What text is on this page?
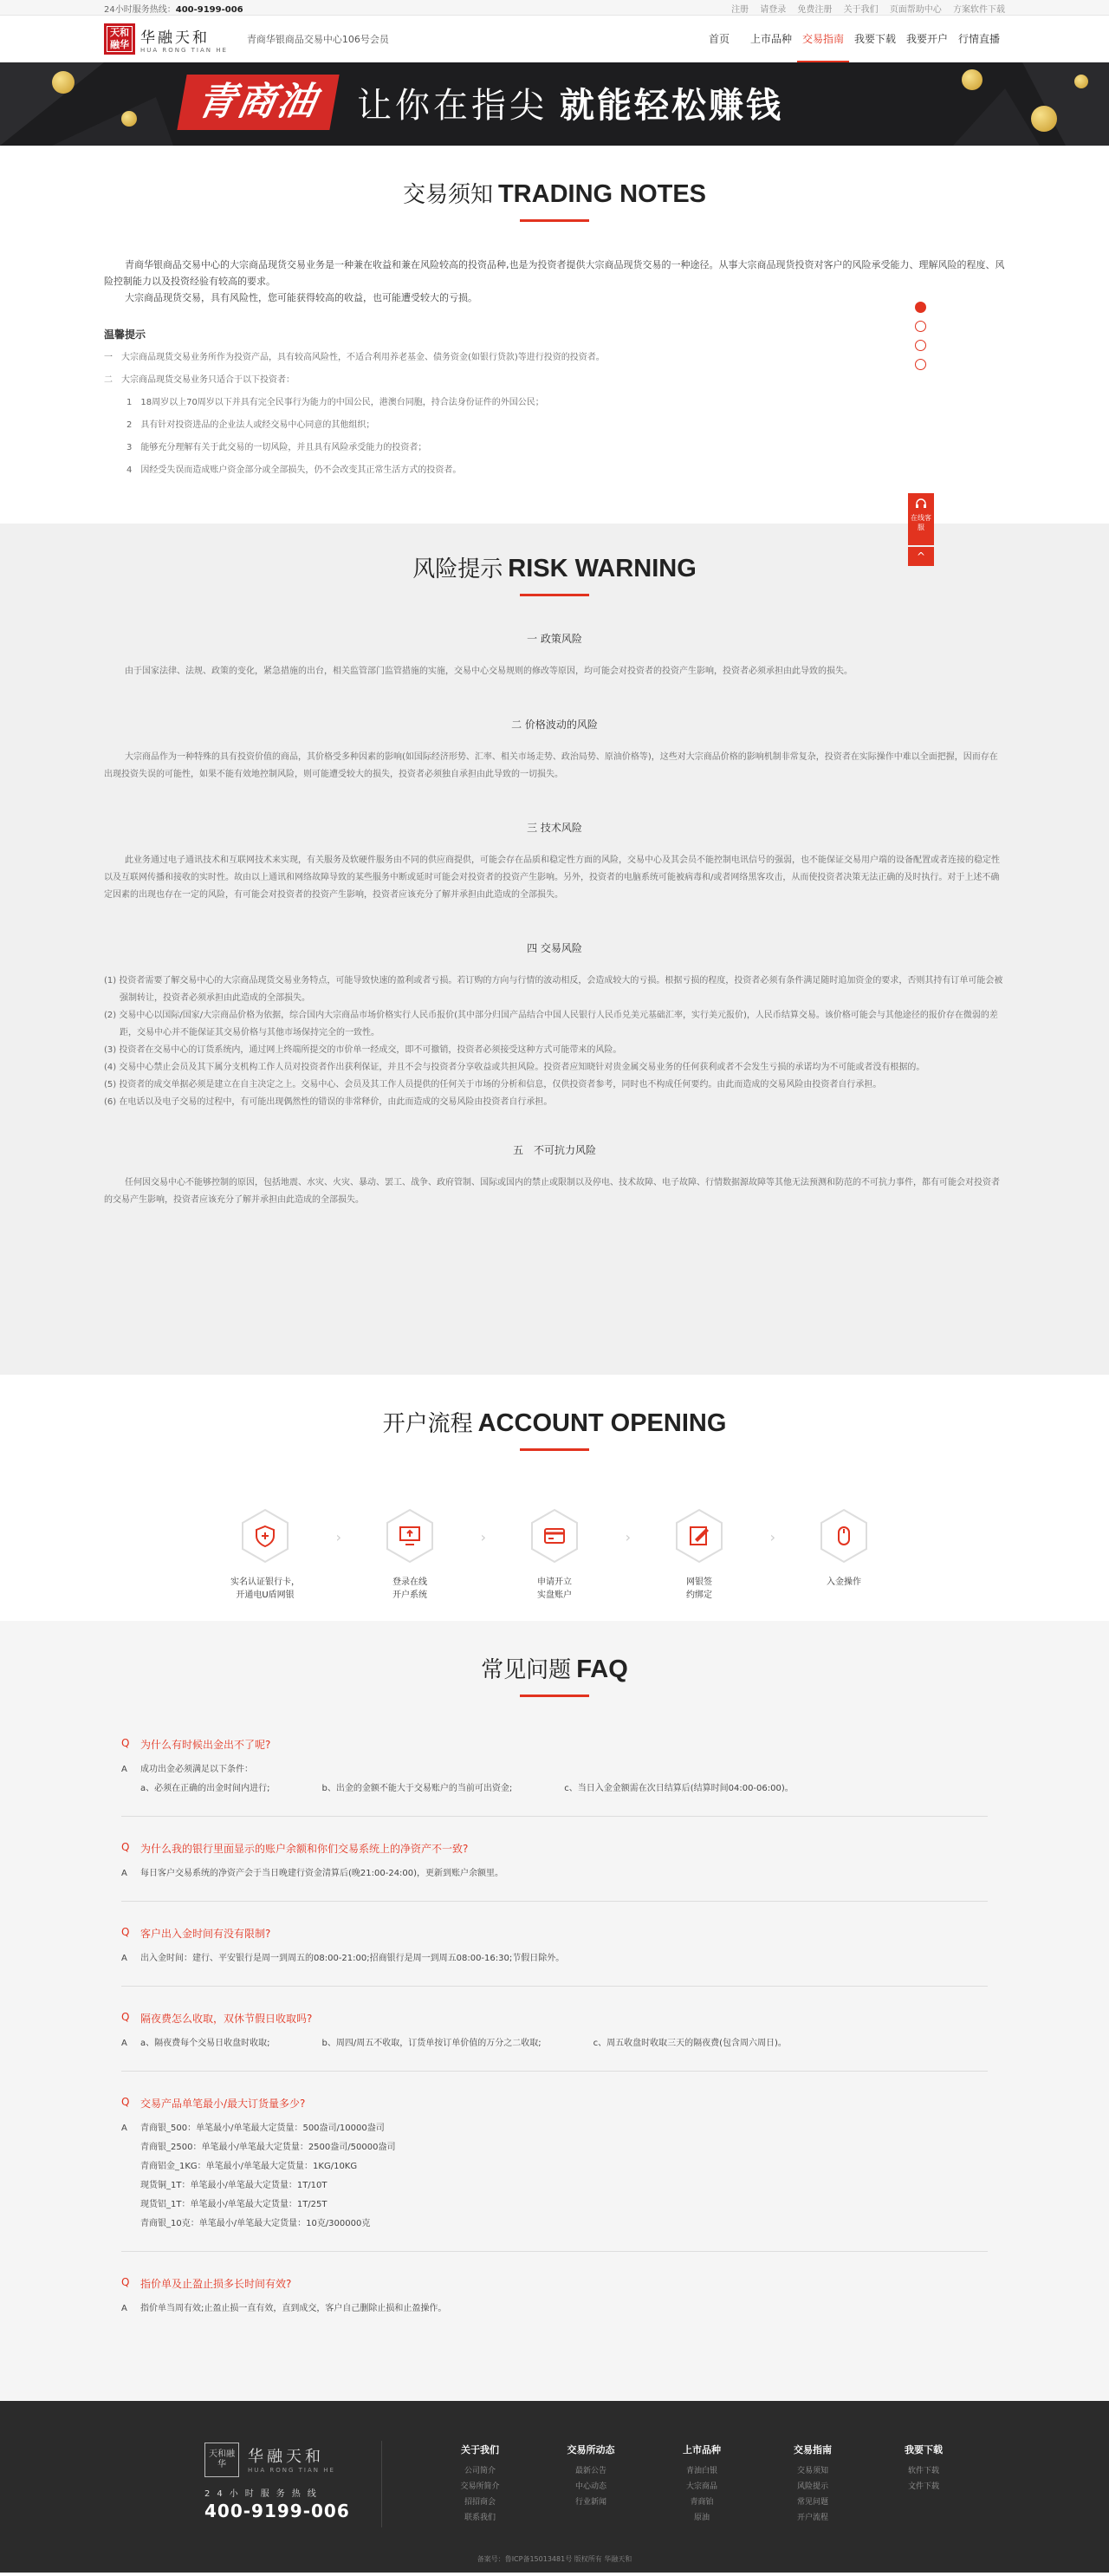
24小时服务热线：400-9199-006	注册 请登录 免费注册 关于我们 页面帮助中心 方案软件下载
天和融华 华融天和
HUA RONG TIAN HE
青商华银商品交易中心106号会员	首页	上市品种 交易指南 我要下载 我要开户 行情直播
青商油	让你在指尖 就能轻松赚钱
交易须知 TRADING NOTES

青商华银商品交易中心的大宗商品现货交易业务是一种兼在收益和兼在风险较高的投资品种,也是为投资者提供大宗商品现货交易的一种途径。从事大宗商品现货投资对客户的风险承受能力、理解风险的程度、风险控制能力以及投资经验有较高的要求。

大宗商品现货交易，具有风险性，您可能获得较高的收益，也可能遭受较大的亏损。

温馨提示
一　大宗商品现货交易业务所作为投资产品，具有较高风险性，不适合利用养老基金、债务资金(如银行贷款)等进行投资的投资者。
二　大宗商品现货交易业务只适合于以下投资者：
1　18周岁以上70周岁以下并具有完全民事行为能力的中国公民，港澳台同胞，持合法身份证件的外国公民；
2　具有针对投资进品的企业法人或经交易中心同意的其他组织；
3　能够充分理解有关于此交易的一切风险，并且具有风险承受能力的投资者；
4　因经受失误而造成账户资金部分或全部损失，仍不会改变其正常生活方式的投资者。
在线客服
^
风险提示 RISK WARNING
一 政策风险
由于国家法律、法规、政策的变化，紧急措施的出台，相关监管部门监管措施的实施，交易中心交易规则的修改等原因，均可能会对投资者的投资产生影响，投资者必须承担由此导致的损失。
二 价格波动的风险
大宗商品作为一种特殊的具有投资价值的商品，其价格受多种因素的影响(如国际经济形势、汇率、相关市场走势、政治局势、原油价格等)，这些对大宗商品价格的影响机制非常复杂，投资者在实际操作中难以全面把握，因而存在出现投资失误的可能性，如果不能有效地控制风险，则可能遭受较大的损失，投资者必须独自承担由此导致的一切损失。
三 技术风险
此业务通过电子通讯技术和互联网技术来实现，有关服务及软硬件服务由不同的供应商提供，可能会存在品质和稳定性方面的风险，交易中心及其会员不能控制电讯信号的强弱，也不能保证交易用户端的设备配置或者连接的稳定性以及互联网传播和接收的实时性。故由以上通讯和网络故障导致的某些服务中断或延时可能会对投资者的投资产生影响。另外，投资者的电脑系统可能被病毒和/或者网络黑客攻击，从而使投资者决策无法正确的及时执行。对于上述不确定因素的出现也存在一定的风险，有可能会对投资者的投资产生影响，投资者应该充分了解并承担由此造成的全部损失。
四 交易风险
(1) 投资者需要了解交易中心的大宗商品现货交易业务特点，可能导致快速的盈利或者亏损。若订购的方向与行情的波动相反，会造成较大的亏损。根据亏损的程度，投资者必须有条件满足随时追加资金的要求，否则其持有订单可能会被强制转让，投资者必须承担由此造成的全部损失。
(2) 交易中心以国际/国家/大宗商品价格为依据，综合国内大宗商品市场价格实行人民币报价(其中部分归国产品结合中国人民银行人民币兑美元基础汇率，实行美元报价)，人民币结算交易。该价格可能会与其他途径的报价存在微弱的差距，交易中心并不能保证其交易价格与其他市场保持完全的一致性。
(3) 投资者在交易中心的订货系统内，通过网上终端所提交的市价单一经成交，即不可撤销，投资者必须接受这种方式可能带来的风险。
(4) 交易中心禁止会员及其下属分支机构工作人员对投资者作出获利保证，并且不会与投资者分享收益或共担风险。投资者应知晓针对贵金属交易业务的任何获利或者不会发生亏损的承诺均为不可能或者没有根据的。
(5) 投资者的成交单据必须是建立在自主决定之上。交易中心、会员及其工作人员提供的任何关于市场的分析和信息，仅供投资者参考，同时也不构成任何要约。由此而造成的交易风险由投资者自行承担。
(6) 在电话以及电子交易的过程中，有可能出现偶然性的错误的非常释价，由此而造成的交易风险由投资者自行承担。
五　不可抗力风险
任何因交易中心不能够控制的原因，包括地震、水灾、火灾、暴动、罢工、战争、政府管制、国际或国内的禁止或限制以及停电、技术故障、电子故障、行情数据源故障等其他无法预测和防范的不可抗力事件，都有可能会对投资者的交易产生影响，投资者应该充分了解并承担由此造成的全部损失。
开户流程 ACCOUNT OPENING
实名认证银行卡，
开通电U盾网银
›
登录在线
开户系统
›
申请开立
实盘账户
›
网银签
约绑定
›
入金操作
常见问题 FAQ
Q	为什么有时候出金出不了呢?
A	成功出金必须满足以下条件：
a、必须在正确的出金时间内进行;	b、出金的金额不能大于交易账户的当前可出资金;	c、当日入金金额需在次日结算后(结算时间04:00-06:00)。
Q	为什么我的银行里面显示的账户余额和你们交易系统上的净资产不一致?
A	每日客户交易系统的净资产会于当日晚建行资金清算后(晚21:00-24:00)，更新到账户余额里。
Q	客户出入金时间有没有限制?
A	出入金时间：建行、平安银行是周一到周五的08:00-21:00;招商银行是周一到周五08:00-16:30;节假日除外。
Q	隔夜费怎么收取，双休节假日收取吗?
A	a、隔夜费每个交易日收盘时收取;	b、周四/周五不收取，订货单按订单价值的万分之二收取;	c、周五收盘时收取三天的隔夜费(包含周六周日)。
Q	交易产品单笔最小/最大订货量多少?
A	青商银_500：单笔最小/单笔最大定货量：500盎司/10000盎司
青商银_2500：单笔最小/单笔最大定货量：2500盎司/50000盎司
青商铝金_1KG：单笔最小/单笔最大定货量：1KG/10KG
现货铜_1T：单笔最小/单笔最大定货量：1T/10T
现货铝_1T：单笔最小/单笔最大定货量：1T/25T
青商银_10克：单笔最小/单笔最大定货量：10克/300000克
Q	指价单及止盈止损多长时间有效?
A	指价单当周有效;止盈止损一直有效，直到成交，客户自己删除止损和止盈操作。
天和融华	华融天和
HUA RONG TIAN HE
24小时服务热线
400-9199-006
关于我们
公司简介
交易所简介
招招商会
联系我们
交易所动态
最新公告
中心动态
行业新闻
上市品种
青油白银
大宗商品
青商铂
原油
交易指南
交易须知
风险提示
常见问题
开户流程
我要下载
软件下载
文件下载
备案号：鲁ICP备15013481号 版权所有 华融天和
